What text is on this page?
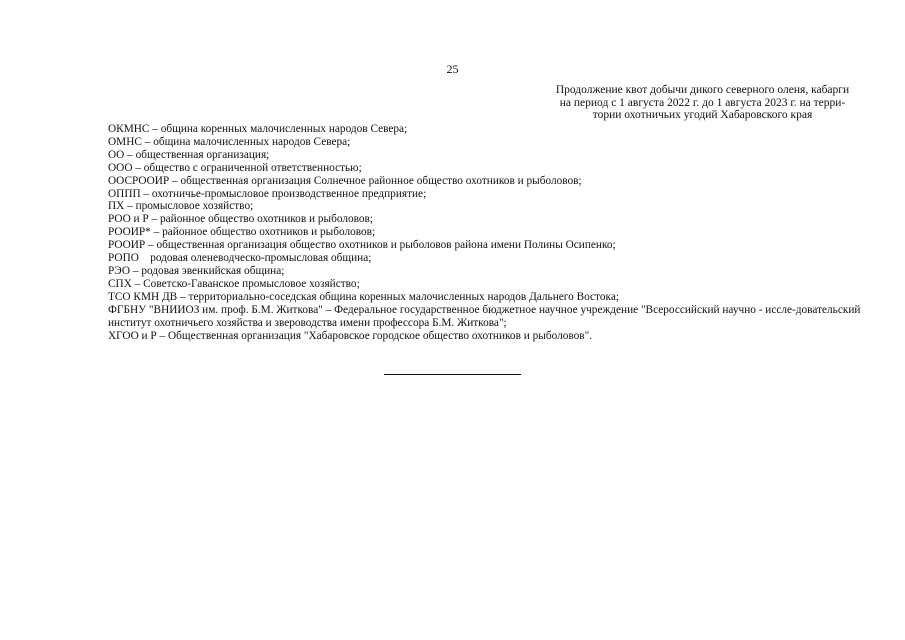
25
Продолжение квот добычи дикого северного оленя, кабарги
на период с 1 августа 2022 г. до 1 августа 2023 г. на терри-
тории охотничьих угодий Хабаровского края
ОКМНС – община коренных малочисленных народов Севера;
ОМНС – община малочисленных народов Севера;
ОО – общественная организация;
ООО – общество с ограниченной ответственностью;
ООСРООИР – общественная организация Солнечное районное общество охотников и рыболовов;
ОППП – охотничье-промысловое производственное предприятие;
ПХ – промысловое хозяйство;
РОО и Р – районное общество охотников и рыболовов;
РООИР* – районное общество охотников и рыболовов;
РООИР – общественная организация общество охотников и рыболовов района имени Полины Осипенко;
РОПО    родовая оленеводческо-промысловая община;
РЭО – родовая эвенкийская община;
СПХ – Советско-Гаванское промысловое хозяйство;
ТСО КМН ДВ – территориально-соседская община коренных малочисленных народов Дальнего Востока;
ФГБНУ "ВНИИОЗ им. проф. Б.М. Житкова" – Федеральное государственное бюджетное научное учреждение "Всероссийский научно - иссле-довательский институт охотничьего хозяйства и звероводства имени профессора Б.М. Житкова";
ХГОО и Р – Общественная организация "Хабаровское городское общество охотников и рыболовов".
